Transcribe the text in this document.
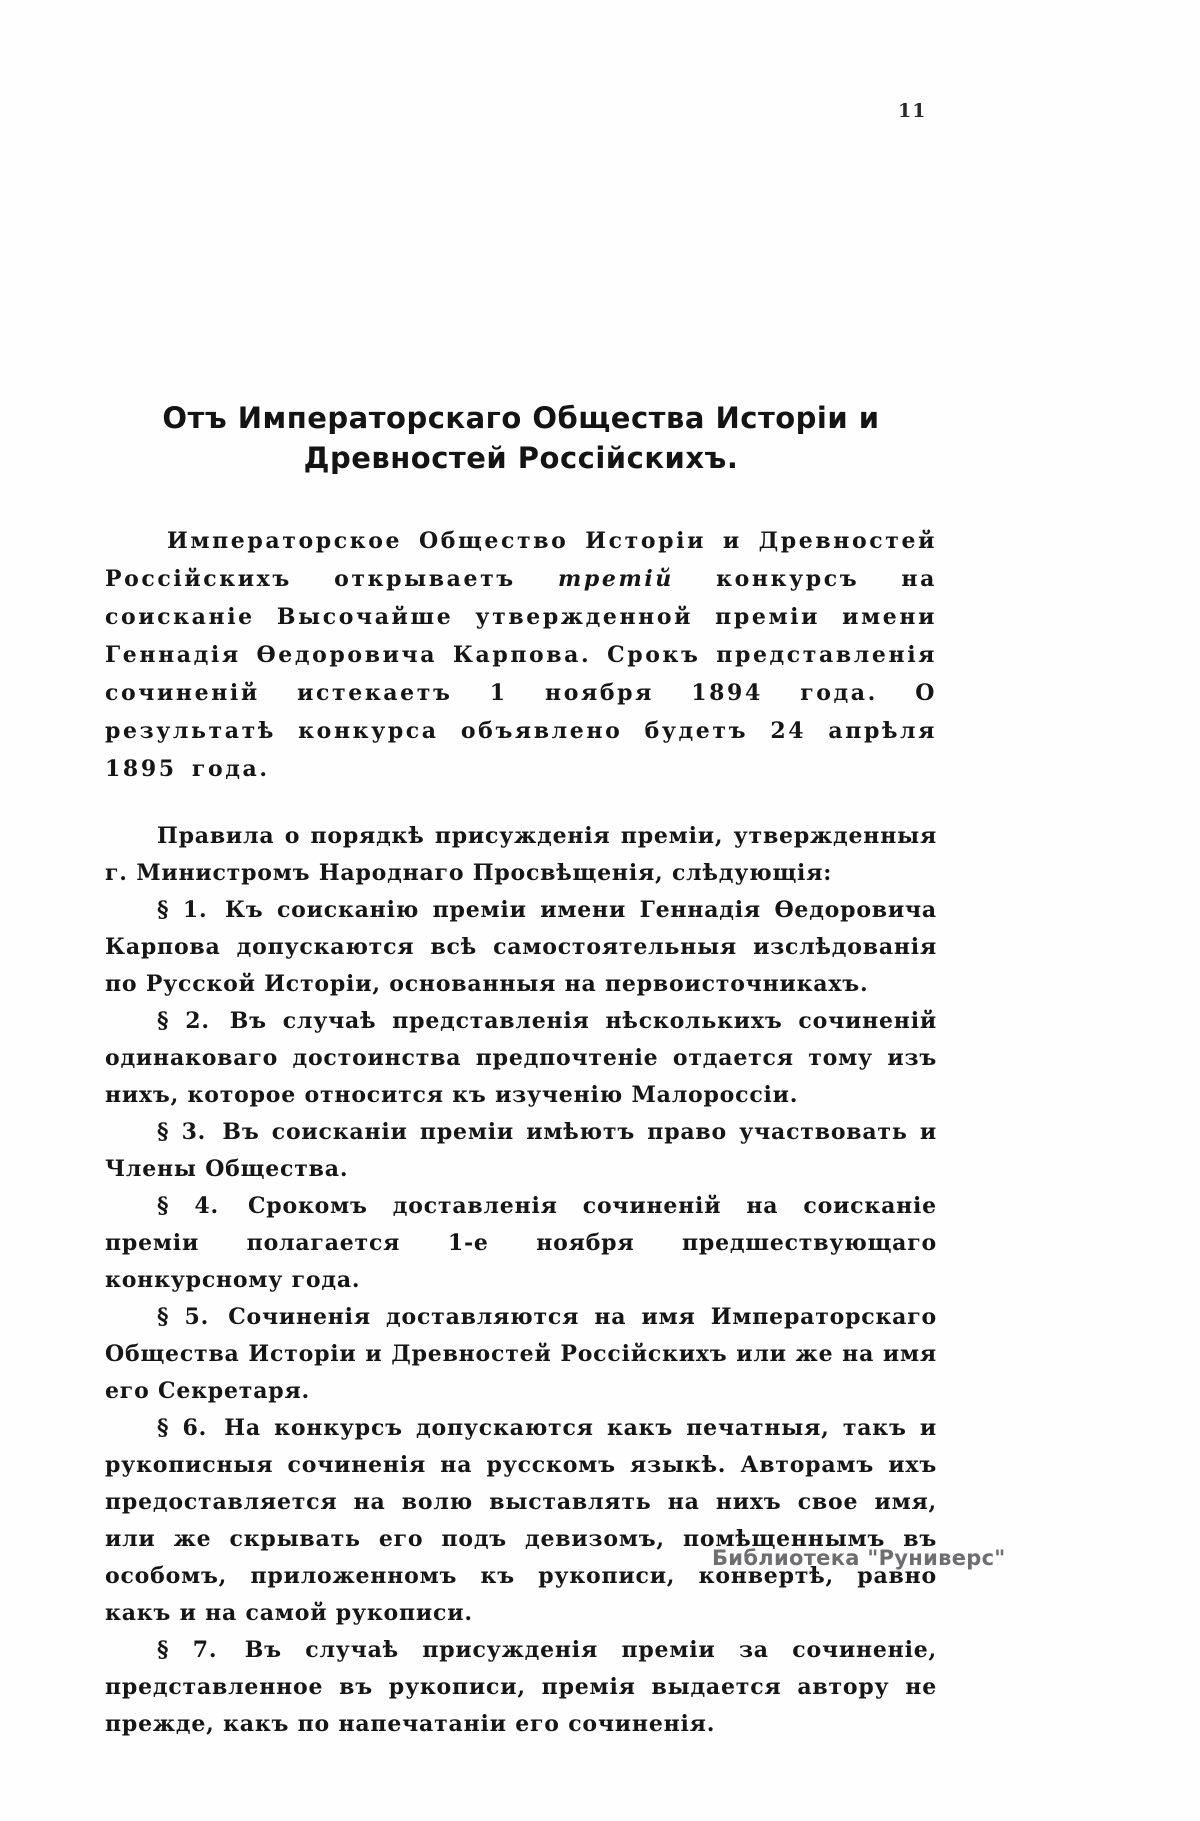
11
Отъ Императорскаго Общества Исторіи и Древностей Россійскихъ.

Императорское Общество Исторіи и Древностей Россійскихъ открываетъ третій конкурсъ на соисканіе Высочайше утвержденной преміи имени Геннадія Ѳедоровича Карпова. Срокъ представленія сочиненій истекаетъ 1 ноября 1894 года. О результатѣ конкурса объявлено будетъ 24 апрѣля 1895 года.

Правила о порядкѣ присужденія преміи, утвержденныя г. Министромъ Народнаго Просвѣщенія, слѣдующія:

§ 1. Къ соисканію преміи имени Геннадія Ѳедоровича Карпова допускаются всѣ самостоятельныя изслѣдованія по Русской Исторіи, основанныя на первоисточникахъ.

§ 2. Въ случаѣ представленія нѣсколькихъ сочиненій одинаковаго достоинства предпочтеніе отдается тому изъ нихъ, которое относится къ изученію Малороссіи.

§ 3. Въ соисканіи преміи имѣютъ право участвовать и Члены Общества.

§ 4. Срокомъ доставленія сочиненій на соисканіе преміи полагается 1-е ноября предшествующаго конкурсному года.

§ 5. Сочиненія доставляются на имя Императорскаго Общества Исторіи и Древностей Россійскихъ или же на имя его Секретаря.

§ 6. На конкурсъ допускаются какъ печатныя, такъ и рукописныя сочиненія на русскомъ языкѣ. Авторамъ ихъ предоставляется на волю выставлять на нихъ свое имя, или же скрывать его подъ девизомъ, помѣщеннымъ въ особомъ, приложенномъ къ рукописи, конвертѣ, равно какъ и на самой рукописи.

§ 7. Въ случаѣ присужденія преміи за сочиненіе, представленное въ рукописи, премія выдается автору не прежде, какъ по напечатаніи его сочиненія.

Библиотека "Руниверс"
